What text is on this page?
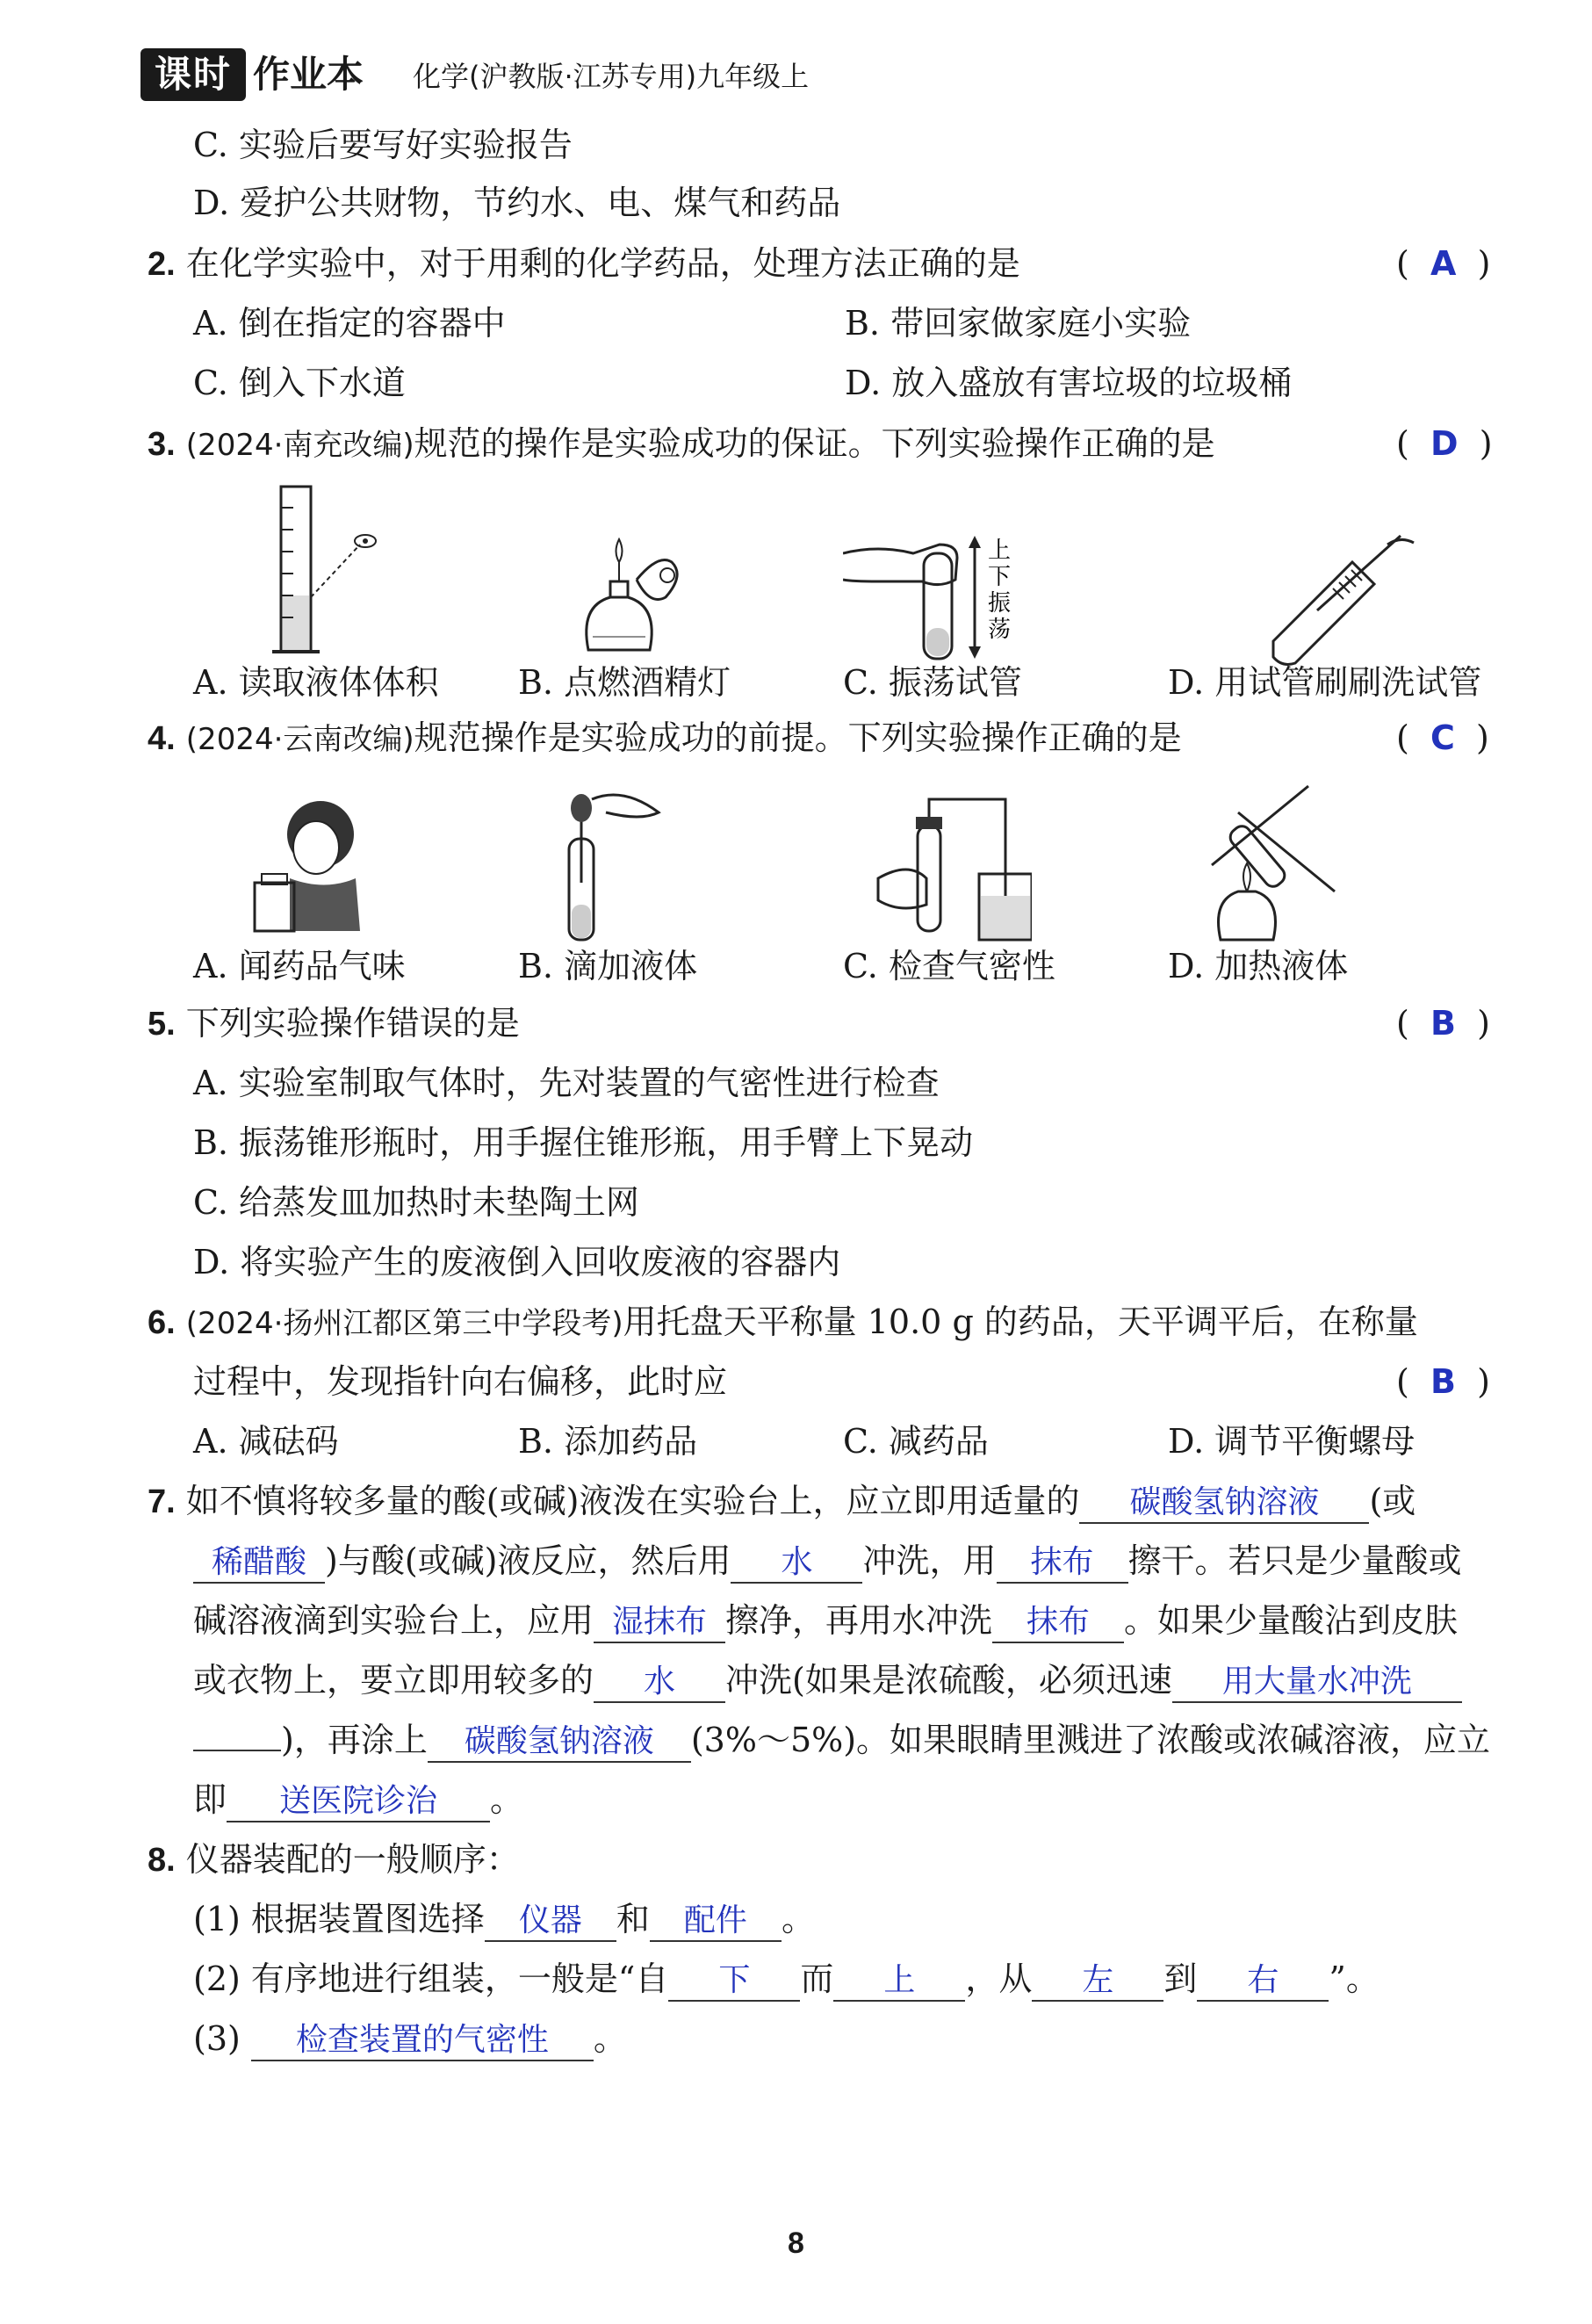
课时 作业本 化学(沪教版·江苏专用)九年级上
C. 实验后要写好实验报告
D. 爱护公共财物，节约水、电、煤气和药品
2. 在化学实验中，对于用剩的化学药品，处理方法正确的是	(  A  )
A. 倒在指定的容器中	B. 带回家做家庭小实验
C. 倒入下水道	D. 放入盛放有害垃圾的垃圾桶
3. (2024·南充改编)规范的操作是实验成功的保证。下列实验操作正确的是	(  D  )
上
下
振
荡
A. 读取液体体积 B. 点燃酒精灯	C. 振荡试管	D. 用试管刷刷洗试管
4. (2024·云南改编)规范操作是实验成功的前提。下列实验操作正确的是	(  C  )
A. 闻药品气味	B. 滴加液体	C. 检查气密性	D. 加热液体
5. 下列实验操作错误的是	(  B  )
A. 实验室制取气体时，先对装置的气密性进行检查
B. 振荡锥形瓶时，用手握住锥形瓶，用手臂上下晃动
C. 给蒸发皿加热时未垫陶土网
D. 将实验产生的废液倒入回收废液的容器内
6. (2024·扬州江都区第三中学段考)用托盘天平称量 10.0 g 的药品，天平调平后，在称量
过程中，发现指针向右偏移，此时应	(  B  )
A. 减砝码	B. 添加药品	C. 减药品	D. 调节平衡螺母
7. 如不慎将较多量的酸(或碱)液泼在实验台上，应立即用适量的 碳酸氢钠溶液 (或
稀醋酸 )与酸(或碱)液反应，然后用 水 冲洗，用 抹布 擦干。若只是少量酸或
碱溶液滴到实验台上，应用 湿抹布 擦净，再用水冲洗 抹布 。如果少量酸沾到皮肤
或衣物上，要立即用较多的 水 冲洗(如果是浓硫酸，必须迅速 用大量水冲洗
)，再涂上 碳酸氢钠溶液 (3%～5%)。如果眼睛里溅进了浓酸或浓碱溶液，应立
即 送医院诊治 。
8. 仪器装配的一般顺序：
(1) 根据装置图选择 仪器 和 配件 。
(2) 有序地进行组装，一般是“自 下 而 上 ，从 左 到 右 ”。
(3) 检查装置的气密性 。
8
